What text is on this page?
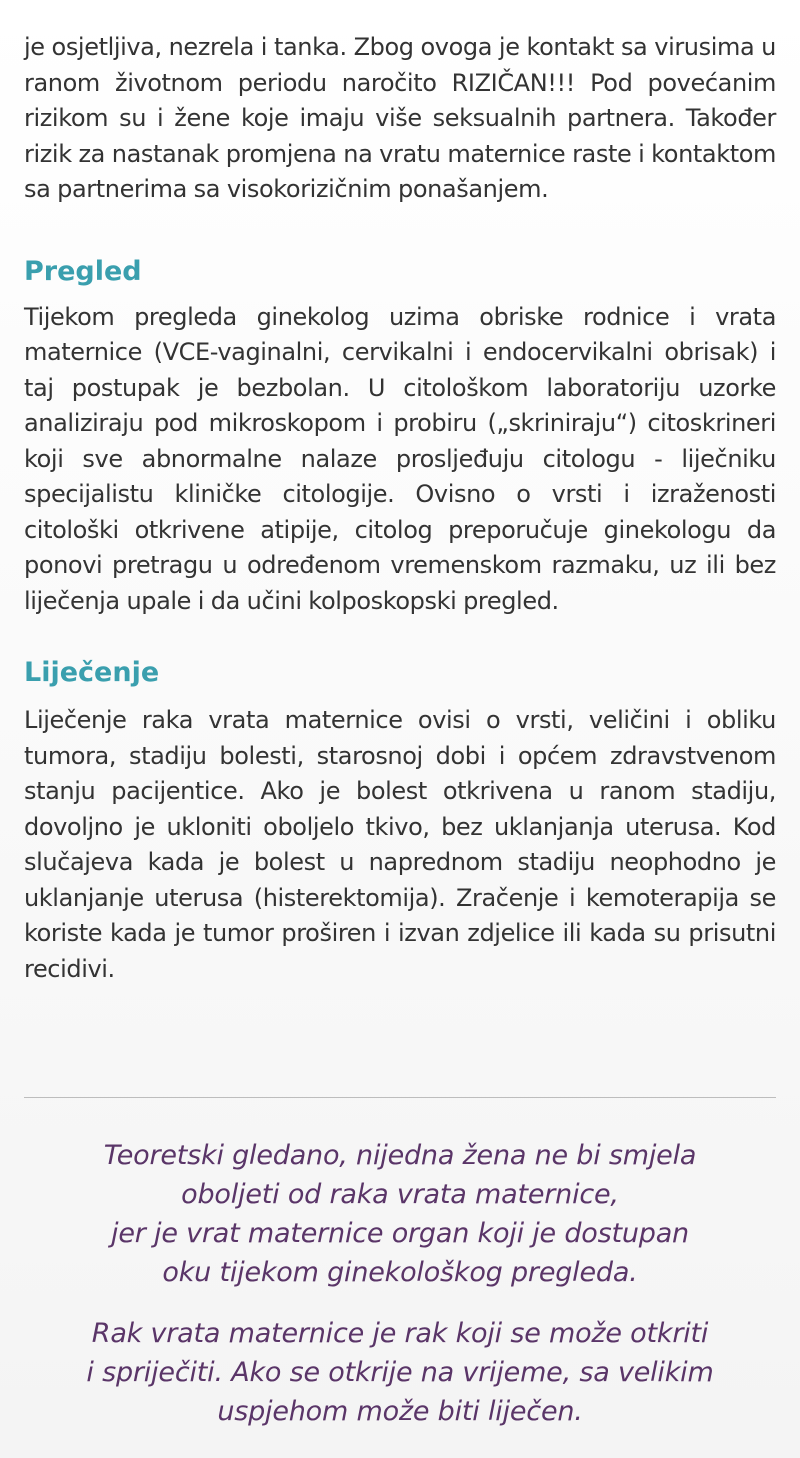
je osjetljiva, nezrela i tanka. Zbog ovoga je kontakt sa virusima u ranom životnom periodu naročito RIZIČAN!!! Pod povećanim rizikom su i žene koje imaju više seksualnih partnera. Također rizik za nastanak promjena na vratu maternice raste i kontaktom sa partnerima sa visokorizičnim ponašanjem.

Pregled

Tijekom pregleda ginekolog uzima obriske rodnice i vrata maternice (VCE-vaginalni, cervikalni i endocervikalni obrisak) i taj postupak je bezbolan. U citološkom laboratoriju uzorke analiziraju pod mikroskopom i probiru („skriniraju“) citoskrineri koji sve abnormalne nalaze prosljeđuju citologu - liječniku specijalistu kliničke citologije. Ovisno o vrsti i izraženosti citološki otkrivene atipije, citolog preporučuje ginekologu da ponovi pretragu u određenom vremenskom razmaku, uz ili bez liječenja upale i da učini kolposkopski pregled.

Liječenje

Liječenje raka vrata maternice ovisi o vrsti, veličini i obliku tumora, stadiju bolesti, starosnoj dobi i općem zdravstvenom stanju pacijentice. Ako je bolest otkrivena u ranom stadiju, dovoljno je ukloniti oboljelo tkivo, bez uklanjanja uterusa. Kod slučajeva kada je bolest u naprednom stadiju neophodno je uklanjanje uterusa (histerektomija). Zračenje i kemoterapija se koriste kada je tumor proširen i izvan zdjelice ili kada su prisutni recidivi.

Teoretski gledano, nijedna žena ne bi smjela
oboljeti od raka vrata maternice,
jer je vrat maternice organ koji je dostupan
oku tijekom ginekološkog pregleda.

Rak vrata maternice je rak koji se može otkriti
i spriječiti. Ako se otkrije na vrijeme, sa velikim
uspjehom može biti liječen.
